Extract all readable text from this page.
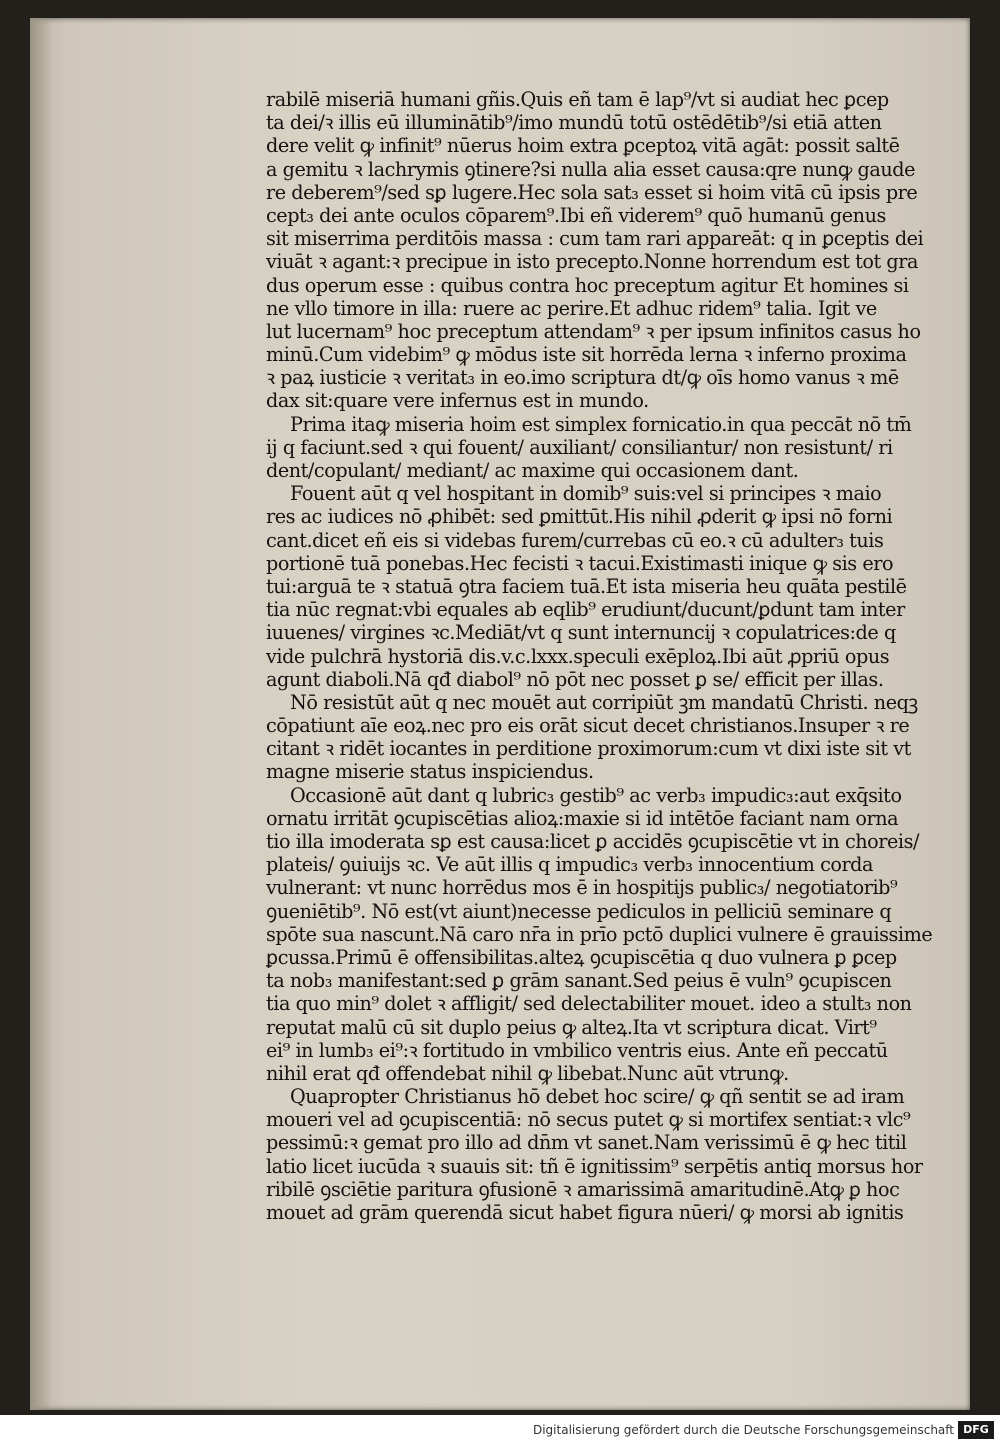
rabilē miseriā humani gñis.Quis eñ tam ē lap⁹/vt si audiat hec ꝑcep
ta dei/ꝛ illis eū illuminātib⁹/imo mundū totū ostēdētib⁹/si etiā atten
dere velit ꝙ infinit⁹ nūerus hoim extra ꝑceptoꝝ vitā agāt: possit saltē
a gemitu ꝛ lachrymis ꝯtinere?si nulla alia esset causa:qre nunꝙ gaude
re deberem⁹/sed sꝑ lugere.Hec sola sat₃ esset si hoim vitā cū ipsis pre
cept₃ dei ante oculos cōparem⁹.Ibi eñ viderem⁹ quō humanū genus
sit miserrima perditōis massa : cum tam rari appareāt: q in ꝑceptis dei
viuāt ꝛ agant:ꝛ precipue in isto precepto.Nonne horrendum est tot gra
dus operum esse : quibus contra hoc preceptum agitur Et homines si
ne vllo timore in illa: ruere ac perire.Et adhuc ridem⁹ talia. Igit ve
lut lucernam⁹ hoc preceptum attendam⁹ ꝛ per ipsum infinitos casus ho
minū.Cum videbim⁹ ꝙ mōdus iste sit horrēda lerna ꝛ inferno proxima
ꝛ paꝝ iusticie ꝛ veritat₃ in eo.imo scriptura dt/ꝙ oīs homo vanus ꝛ mē
dax sit:quare vere infernus est in mundo.
Prima itaꝙ miseria hoim est simplex fornicatio.in qua peccāt nō tm̄
ij q faciunt.sed ꝛ qui fouent/ auxiliant/ consiliantur/ non resistunt/ ri
dent/copulant/ mediant/ ac maxime qui occasionem dant.
Fouent aūt q vel hospitant in domib⁹ suis:vel si principes ꝛ maio
res ac iudices nō ꝓhibēt: sed ꝑmittūt.His nihil ꝓderit ꝙ ipsi nō forni
cant.dicet eñ eis si videbas furem/currebas cū eo.ꝛ cū adulter₃ tuis
portionē tuā ponebas.Hec fecisti ꝛ tacui.Existimasti inique ꝙ sis ero
tui:arguā te ꝛ statuā ꝯtra faciem tuā.Et ista miseria heu quāta pestilē
tia nūc regnat:vbi equales ab eqlib⁹ erudiunt/ducunt/ꝑdunt tam inter
iuuenes/ virgines ꝛc.Mediāt/vt q sunt internuncij ꝛ copulatrices:de q
vide pulchrā hystoriā dis.v.c.lxxx.speculi exēploꝝ.Ibi aūt ꝓpriū opus
agunt diaboli.Nā qđ diabol⁹ nō pōt nec posset ꝑ se/ efficit per illas.
Nō resistūt aūt q nec mouēt aut corripiūt ꝫm mandatū Christi. neqꝫ
cōpatiunt aīe eoꝝ.nec pro eis orāt sicut decet christianos.Insuper ꝛ re
citant ꝛ ridēt iocantes in perditione proximorum:cum vt dixi iste sit vt
magne miserie status inspiciendus.
Occasionē aūt dant q lubric₃ gestib⁹ ac verb₃ impudic₃:aut exq̄sito
ornatu irritāt ꝯcupiscētias alioꝝ:maxie si id intētōe faciant nam orna
tio illa imoderata sꝑ est causa:licet ꝑ accidēs ꝯcupiscētie vt in choreis/
plateis/ ꝯuiuijs ꝛc. Ve aūt illis q impudic₃ verb₃ innocentium corda
vulnerant: vt nunc horrēdus mos ē in hospitijs public₃/ negotiatorib⁹
ꝯueniētib⁹. Nō est(vt aiunt)necesse pediculos in pelliciū seminare q
spōte sua nascunt.Nā caro nr̄a in prīo pctō duplici vulnere ē grauissime
ꝑcussa.Primū ē offensibilitas.alteꝝ ꝯcupiscētia q duo vulnera ꝑ ꝑcep
ta nob₃ manifestant:sed ꝑ grām sanant.Sed peius ē vuln⁹ ꝯcupiscen
tia quo min⁹ dolet ꝛ affligit/ sed delectabiliter mouet. ideo a stult₃ non
reputat malū cū sit duplo peius ꝙ alteꝝ.Ita vt scriptura dicat. Virt⁹
ei⁹ in lumb₃ ei⁹:ꝛ fortitudo in vmbilico ventris eius. Ante eñ peccatū
nihil erat qđ offendebat nihil ꝙ libebat.Nunc aūt vtrunꝙ.
Quapropter Christianus hō debet hoc scire/ ꝙ qñ sentit se ad iram
moueri vel ad ꝯcupiscentiā: nō secus putet ꝙ si mortifex sentiat:ꝛ vlc⁹
pessimū:ꝛ gemat pro illo ad dn̄m vt sanet.Nam verissimū ē ꝙ hec titil
latio licet iucūda ꝛ suauis sit: tñ ē ignitissim⁹ serpētis antiq morsus hor
ribilē ꝯsciētie paritura ꝯfusionē ꝛ amarissimā amaritudinē.Atꝙ ꝑ hoc
mouet ad grām querendā sicut habet figura nūeri/ ꝙ morsi ab ignitis
Digitalisierung gefördert durch die Deutsche Forschungsgemeinschaft DFG
